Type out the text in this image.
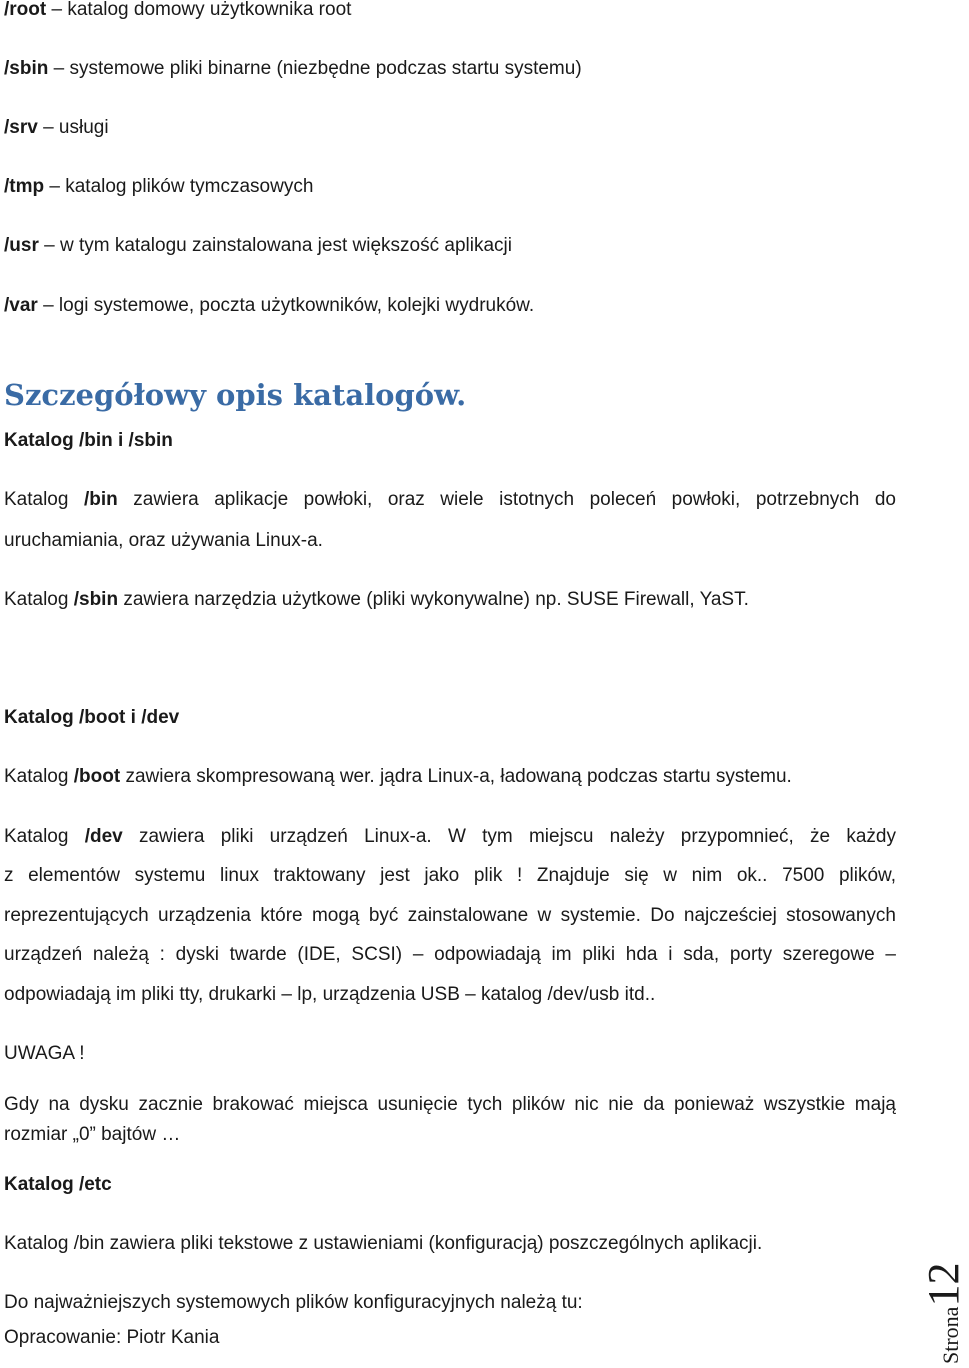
/root – katalog domowy użytkownika root
/sbin – systemowe pliki binarne (niezbędne podczas startu systemu)
/srv – usługi
/tmp – katalog plików tymczasowych
/usr – w tym katalogu zainstalowana jest większość aplikacji
/var – logi systemowe, poczta użytkowników, kolejki wydruków.
Szczegółowy opis katalogów.
Katalog /bin i /sbin
Katalog /bin zawiera aplikacje powłoki, oraz wiele istotnych poleceń powłoki, potrzebnych do
uruchamiania, oraz używania Linux-a.
Katalog /sbin zawiera narzędzia użytkowe (pliki wykonywalne) np. SUSE Firewall, YaST.
Katalog /boot i /dev
Katalog /boot zawiera skompresowaną wer. jądra Linux-a, ładowaną podczas startu systemu.
Katalog /dev zawiera pliki urządzeń Linux-a. W tym miejscu należy przypomnieć, że każdy
z elementów systemu linux traktowany jest jako plik ! Znajduje się w nim ok.. 7500 plików,
reprezentujących urządzenia które mogą być zainstalowane w systemie. Do najcześciej stosowanych
urządzeń należą : dyski twarde (IDE, SCSI) – odpowiadają im pliki hda i sda, porty szeregowe –
odpowiadają im pliki tty, drukarki – lp, urządzenia USB – katalog /dev/usb itd..
UWAGA !
Gdy na dysku zacznie brakować miejsca usunięcie tych plików nic nie da ponieważ wszystkie mają
rozmiar „0” bajtów …
Katalog /etc
Katalog /bin zawiera pliki tekstowe z ustawieniami (konfiguracją) poszczególnych aplikacji.
Do najważniejszych systemowych plików konfiguracyjnych należą tu:
Opracowanie: Piotr Kania	Strona12
